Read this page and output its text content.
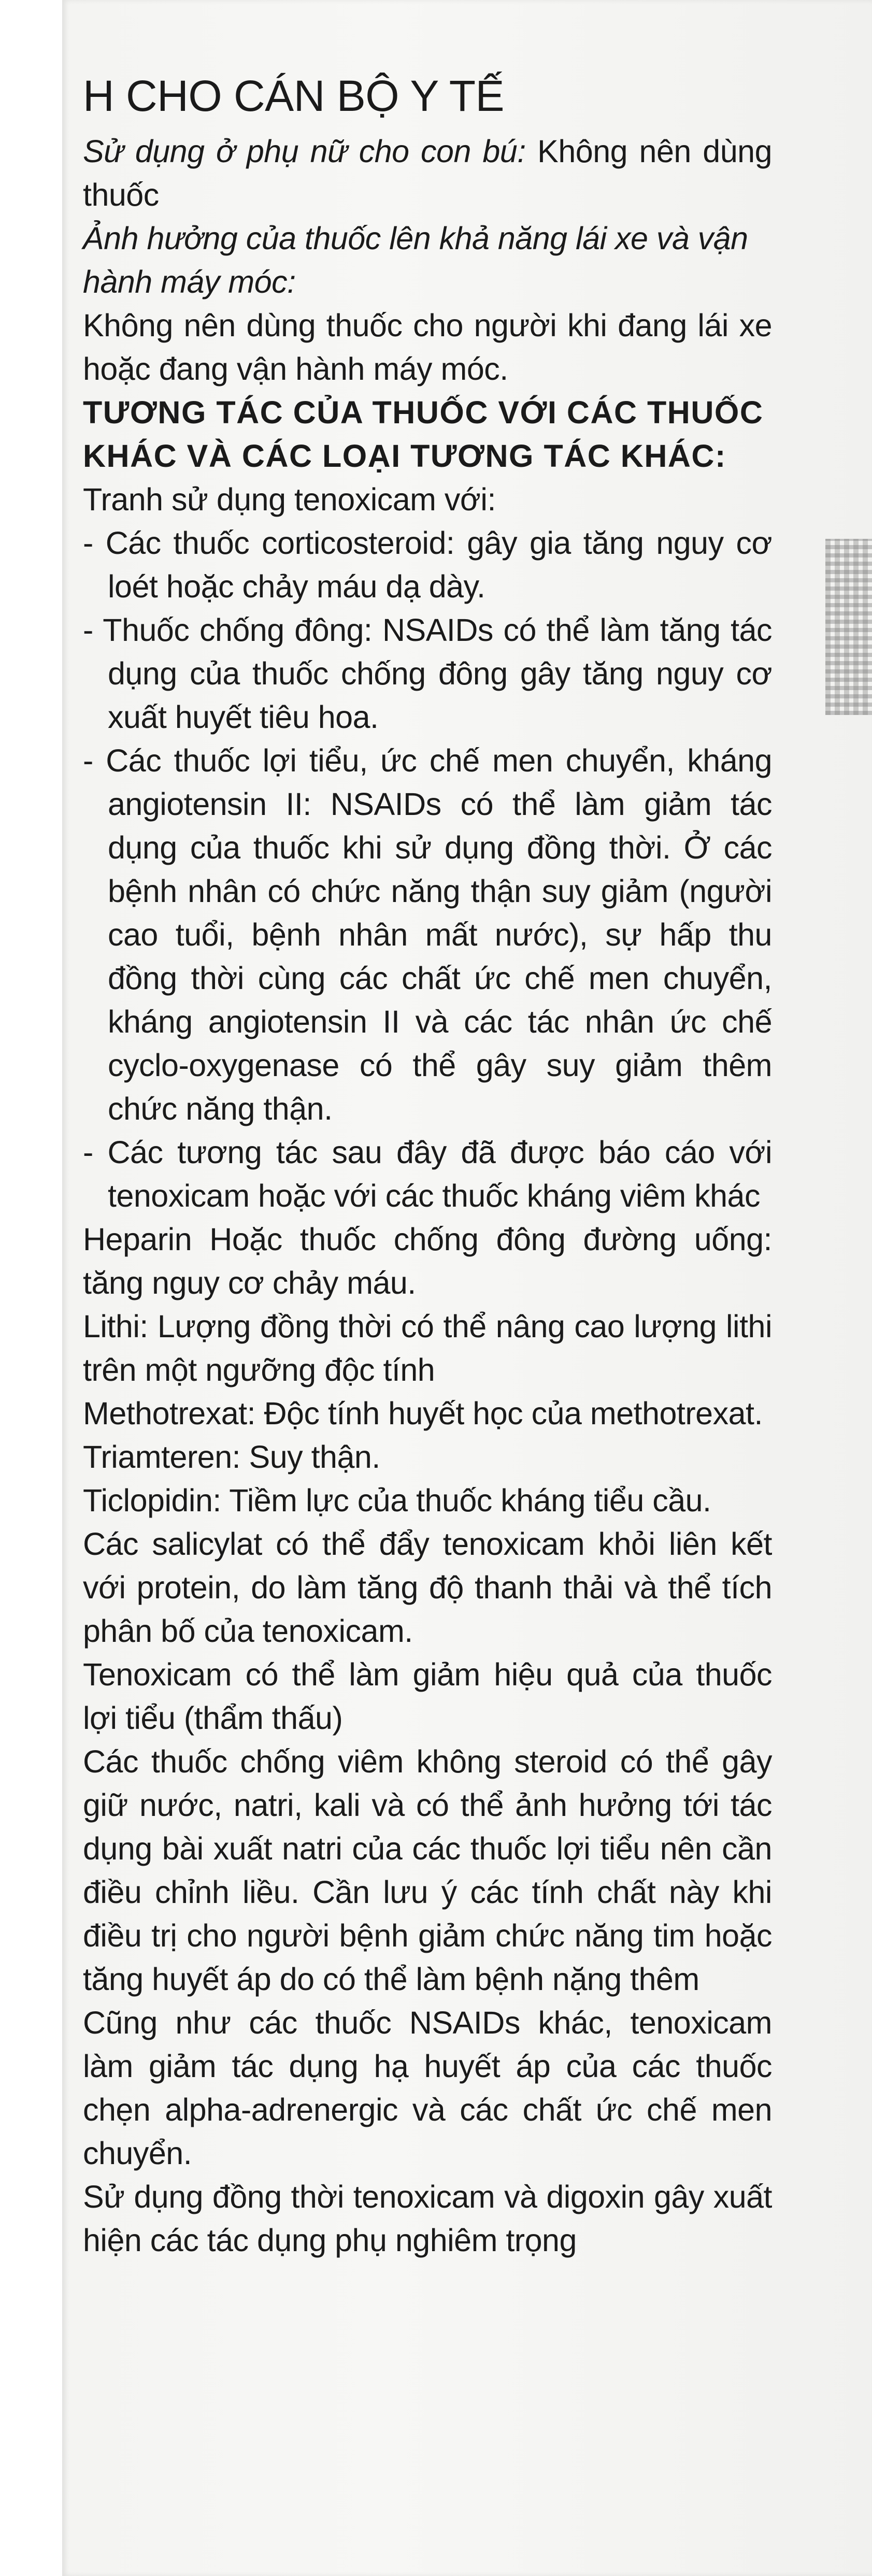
H CHO CÁN BỘ Y TẾ

Sử dụng ở phụ nữ cho con bú: Không nên dùng thuốc

Ảnh hưởng của thuốc lên khả năng lái xe và vận hành máy móc:

Không nên dùng thuốc cho người khi đang lái xe hoặc đang vận hành máy móc.

TƯƠNG TÁC CỦA THUỐC VỚI CÁC THUỐC KHÁC VÀ CÁC LOẠI TƯƠNG TÁC KHÁC:

Tranh sử dụng tenoxicam với:

- Các thuốc corticosteroid: gây gia tăng nguy cơ loét hoặc chảy máu dạ dày.

- Thuốc chống đông: NSAIDs có thể làm tăng tác dụng của thuốc chống đông gây tăng nguy cơ xuất huyết tiêu hoa.

- Các thuốc lợi tiểu, ức chế men chuyển, kháng angiotensin II: NSAIDs có thể làm giảm tác dụng của thuốc khi sử dụng đồng thời. Ở các bệnh nhân có chức năng thận suy giảm (người cao tuổi, bệnh nhân mất nước), sự hấp thu đồng thời cùng các chất ức chế men chuyển, kháng angiotensin II và các tác nhân ức chế cyclo-oxygenase có thể gây suy giảm thêm chức năng thận.

- Các tương tác sau đây đã được báo cáo với tenoxicam hoặc với các thuốc kháng viêm khác

Heparin Hoặc thuốc chống đông đường uống: tăng nguy cơ chảy máu.

Lithi: Lượng đồng thời có thể nâng cao lượng lithi trên một ngưỡng độc tính

Methotrexat: Độc tính huyết học của methotrexat.

Triamteren: Suy thận.

Ticlopidin: Tiềm lực của thuốc kháng tiểu cầu.

Các salicylat có thể đẩy tenoxicam khỏi liên kết với protein, do làm tăng độ thanh thải và thể tích phân bố của tenoxicam.

Tenoxicam có thể làm giảm hiệu quả của thuốc lợi tiểu (thẩm thấu)

Các thuốc chống viêm không steroid có thể gây giữ nước, natri, kali và có thể ảnh hưởng tới tác dụng bài xuất natri của các thuốc lợi tiểu nên cần điều chỉnh liều. Cần lưu ý các tính chất này khi điều trị cho người bệnh giảm chức năng tim hoặc tăng huyết áp do có thể làm bệnh nặng thêm

Cũng như các thuốc NSAIDs khác, tenoxicam làm giảm tác dụng hạ huyết áp của các thuốc chẹn alpha-adrenergic và các chất ức chế men chuyển.

Sử dụng đồng thời tenoxicam và digoxin gây xuất hiện các tác dụng phụ nghiêm trọng
